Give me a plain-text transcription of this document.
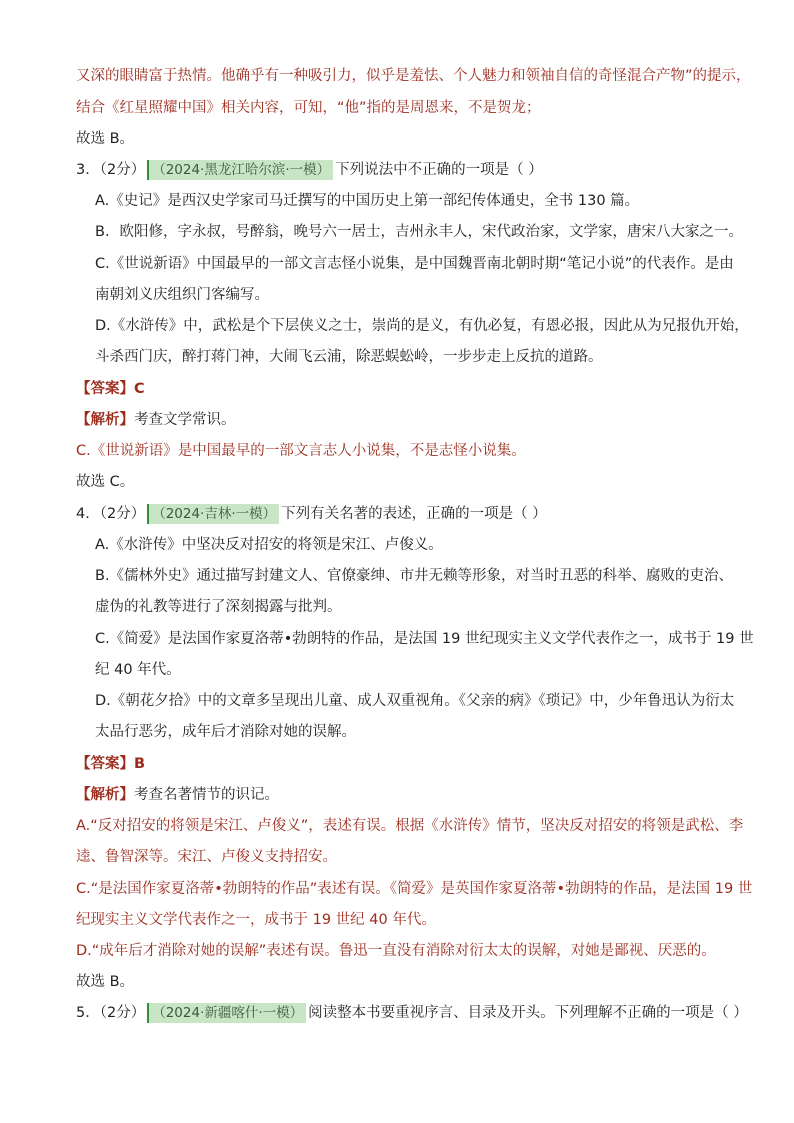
又深的眼睛富于热情。他确乎有一种吸引力，似乎是羞怯、个人魅力和领袖自信的奇怪混合产物”的提示，
结合《红星照耀中国》相关内容，可知，“他”指的是周恩来，不是贺龙；
故选 B。
3．（2分） （2024·黑龙江哈尔滨·一模） 下列说法中不正确的一项是（ ）
A.《史记》是西汉史学家司马迁撰写的中国历史上第一部纪传体通史，全书 130 篇。
B．欧阳修，字永叔，号醉翁，晚号六一居士，吉州永丰人，宋代政治家，文学家，唐宋八大家之一。
C.《世说新语》中国最早的一部文言志怪小说集，是中国魏晋南北朝时期“笔记小说”的代表作。是由
南朝刘义庆组织门客编写。
D.《水浒传》中，武松是个下层侠义之士，崇尚的是义，有仇必复，有恩必报，因此从为兄报仇开始，
斗杀西门庆，醉打蒋门神，大闹飞云浦，除恶蜈蚣岭，一步步走上反抗的道路。
【答案】C
【解析】考查文学常识。
C.《世说新语》是中国最早的一部文言志人小说集，不是志怪小说集。
故选 C。
4．（2分） （2024·吉林·一模） 下列有关名著的表述，正确的一项是（ ）
A.《水浒传》中坚决反对招安的将领是宋江、卢俊义。
B.《儒林外史》通过描写封建文人、官僚豪绅、市井无赖等形象，对当时丑恶的科举、腐败的吏治、
虚伪的礼教等进行了深刻揭露与批判。
C.《简爱》是法国作家夏洛蒂•勃朗特的作品，是法国 19 世纪现实主义文学代表作之一，成书于 19 世
纪 40 年代。
D.《朝花夕拾》中的文章多呈现出儿童、成人双重视角。《父亲的病》《琐记》中，少年鲁迅认为衍太
太品行恶劣，成年后才消除对她的误解。
【答案】B
【解析】考查名著情节的识记。
A.“反对招安的将领是宋江、卢俊义”，表述有误。根据《水浒传》情节，坚决反对招安的将领是武松、李
逵、鲁智深等。宋江、卢俊义支持招安。
C.“是法国作家夏洛蒂•勃朗特的作品”表述有误。《简爱》是英国作家夏洛蒂•勃朗特的作品，是法国 19 世
纪现实主义文学代表作之一，成书于 19 世纪 40 年代。
D.“成年后才消除对她的误解”表述有误。鲁迅一直没有消除对衍太太的误解，对她是鄙视、厌恶的。
故选 B。
5．（2分） （2024·新疆喀什·一模） 阅读整本书要重视序言、目录及开头。下列理解不正确的一项是（ ）
